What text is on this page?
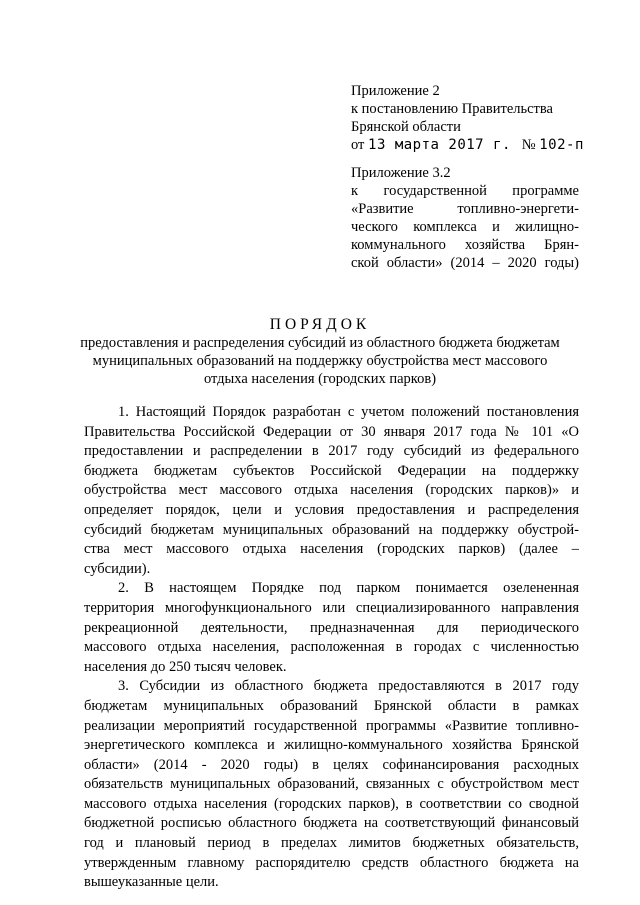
Приложение 2
к постановлению Правительства
Брянской области
от 13 марта 2017 г. № 102-п
Приложение 3.2
к государственной программе
«Развитие топливно-энергети-
ческого комплекса и жилищно-
коммунального хозяйства Брян-
ской области» (2014 – 2020 годы)
ПОРЯДОК
предоставления и распределения субсидий из областного бюджета бюджетам
муниципальных образований на поддержку обустройства мест массового
отдыха населения (городских парков)
1. Настоящий Порядок разработан с учетом положений постановления
Правительства Российской Федерации от 30 января 2017 года № 101 «О
предоставлении и распределении в 2017 году субсидий из федерального
бюджета бюджетам субъектов Российской Федерации на поддержку
обустройства мест массового отдыха населения (городских парков)» и
определяет порядок, цели и условия предоставления и распределения
субсидий бюджетам муниципальных образований на поддержку обустрой-
ства мест массового отдыха населения (городских парков) (далее –
субсидии).
2. В настоящем Порядке под парком понимается озелененная
территория многофункционального или специализированного направления
рекреационной деятельности, предназначенная для периодического
массового отдыха населения, расположенная в городах с численностью
населения до 250 тысяч человек.
3. Субсидии из областного бюджета предоставляются в 2017 году
бюджетам муниципальных образований Брянской области в рамках
реализации мероприятий государственной программы «Развитие топливно-
энергетического комплекса и жилищно-коммунального хозяйства Брянской
области» (2014 - 2020 годы) в целях софинансирования расходных
обязательств муниципальных образований, связанных с обустройством мест
массового отдыха населения (городских парков), в соответствии со сводной
бюджетной росписью областного бюджета на соответствующий финансовый
год и плановый период в пределах лимитов бюджетных обязательств,
утвержденным главному распорядителю средств областного бюджета на
вышеуказанные цели.
